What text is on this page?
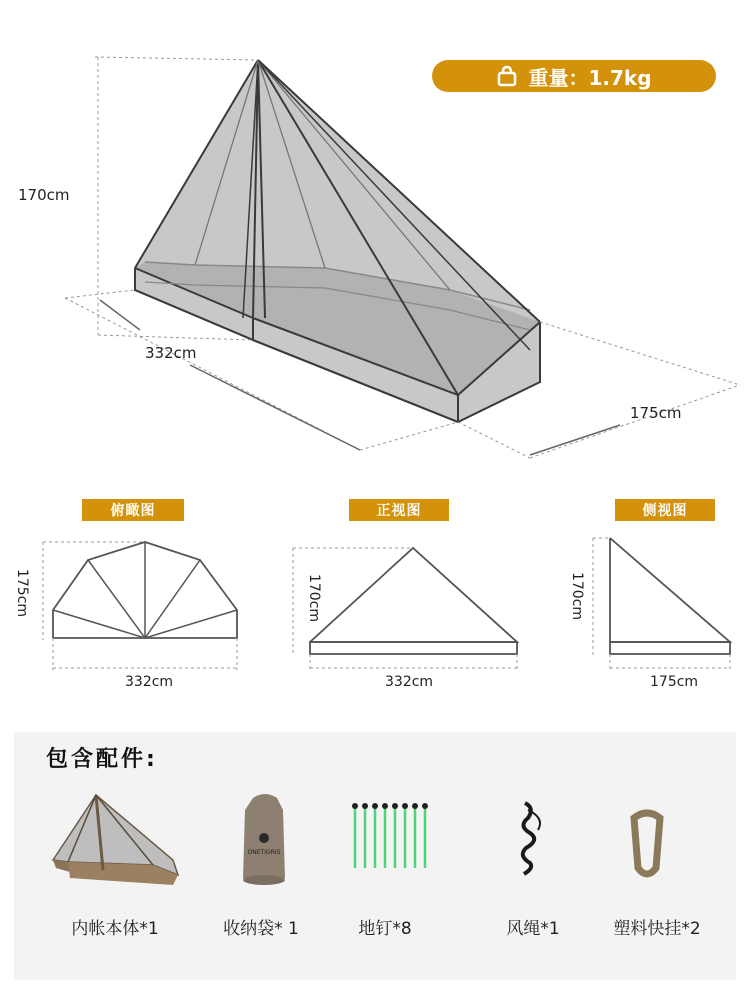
重量：1.7kg
170cm
332cm
175cm
俯瞰图	正视图	侧视图
175cm
332cm
170cm
332cm
170cm
175cm
包含配件:
ONETIGRIS
内帐本体*1	收纳袋* 1	地钉*8	风绳*1	塑料快挂*2
